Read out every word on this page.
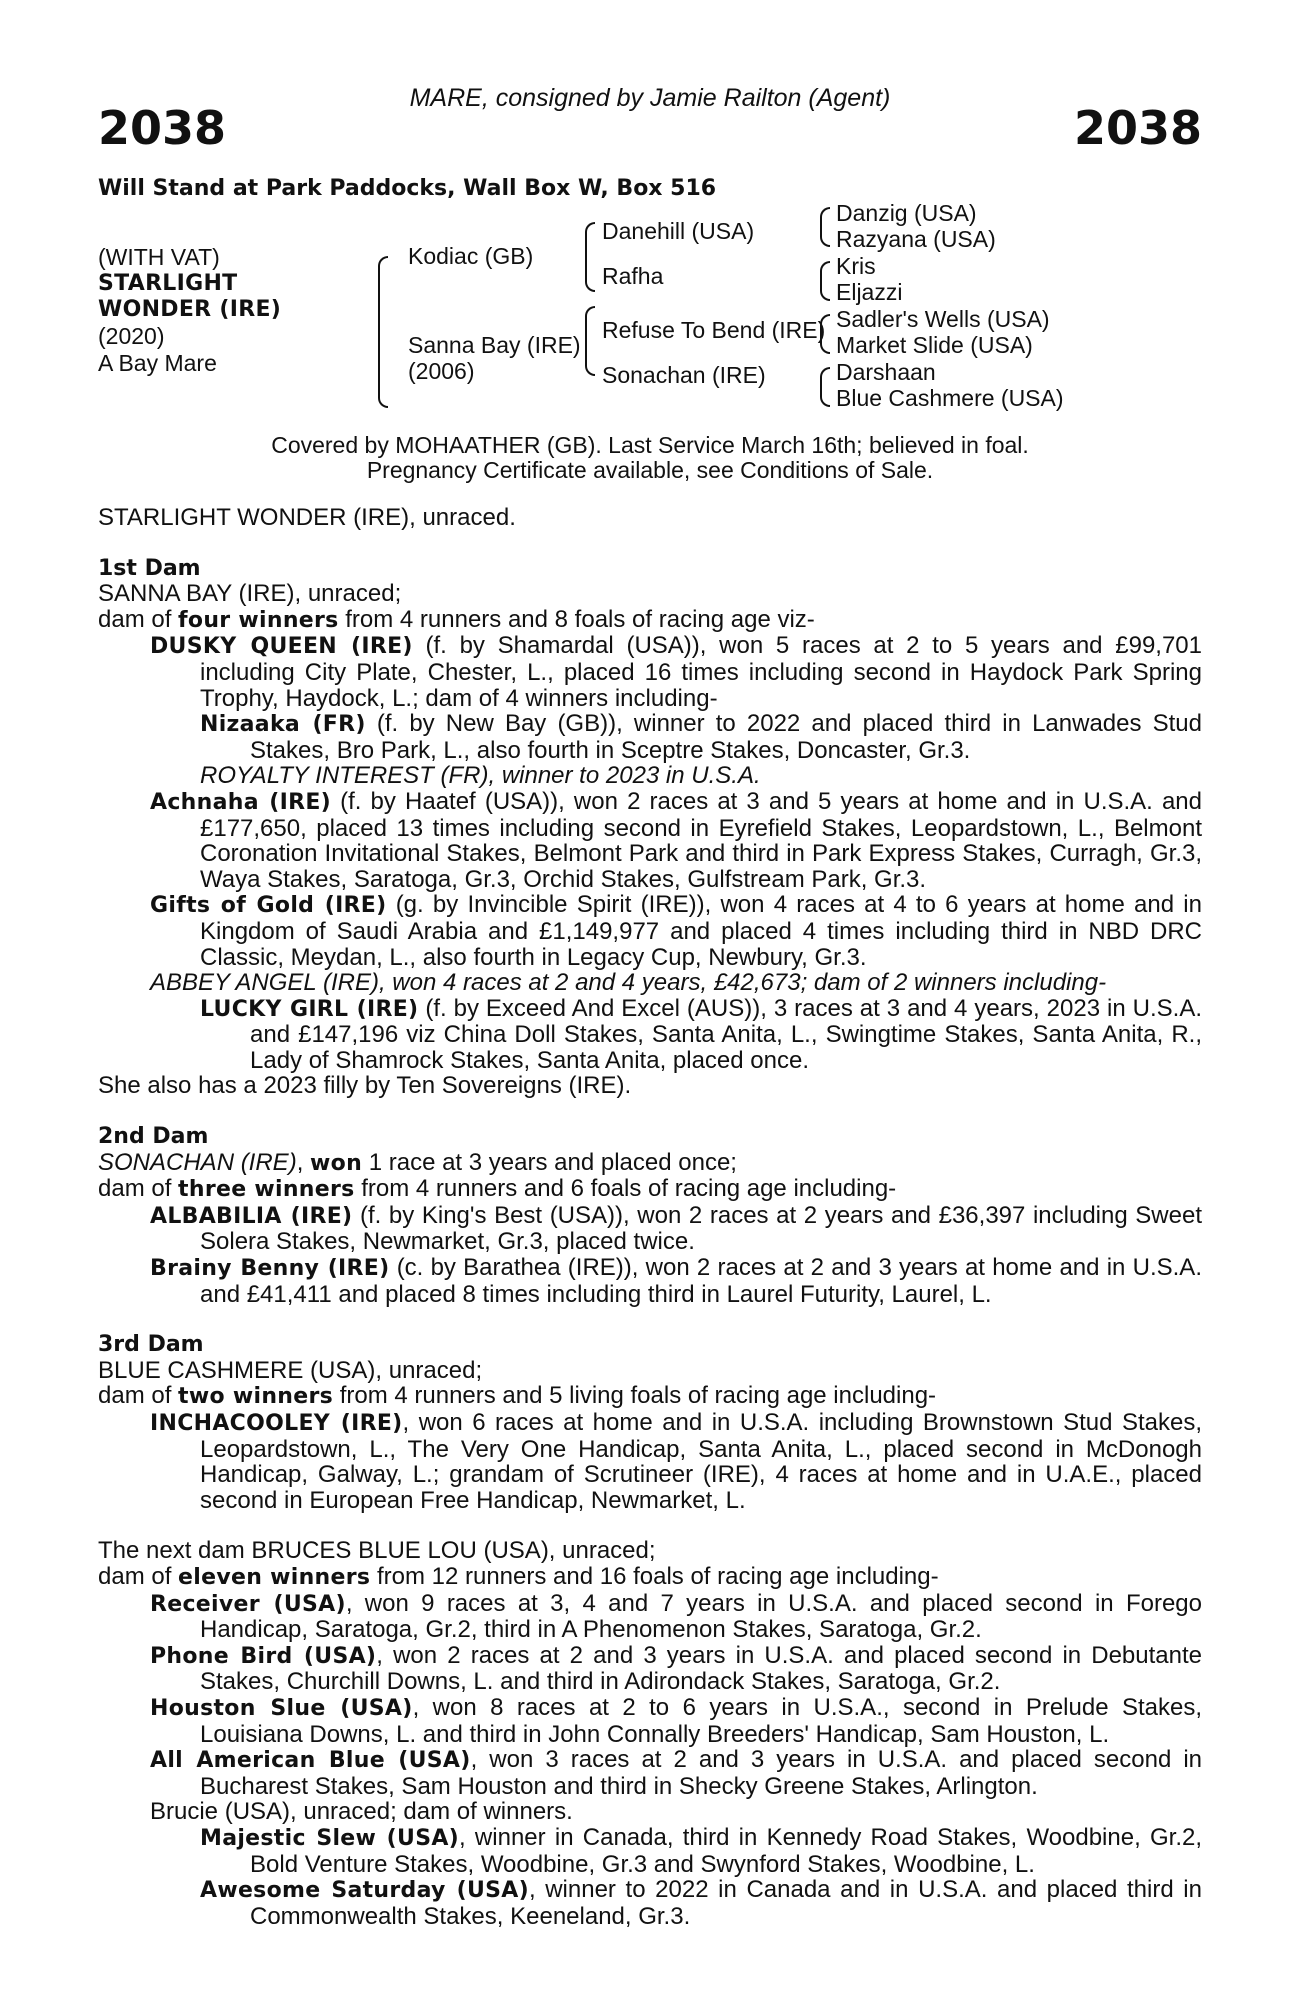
MARE, consigned by Jamie Railton (Agent)
2038	2038
Will Stand at Park Paddocks, Wall Box W, Box 516
(WITH VAT)
STARLIGHT
WONDER (IRE)
(2020)
A Bay Mare
Kodiac (GB)
Sanna Bay (IRE)
(2006)
Danehill (USA)
Rafha
Refuse To Bend (IRE)
Sonachan (IRE)
Danzig (USA)
Razyana (USA)
Kris
Eljazzi
Sadler's Wells (USA)
Market Slide (USA)
Darshaan
Blue Cashmere (USA)
Covered by MOHAATHER (GB). Last Service March 16th; believed in foal.
Pregnancy Certificate available, see Conditions of Sale.

STARLIGHT WONDER (IRE), unraced.

1st Dam

SANNA BAY (IRE), unraced;

dam of four winners from 4 runners and 8 foals of racing age viz-

DUSKY QUEEN (IRE) (f. by Shamardal (USA)), won 5 races at 2 to 5 years and £99,701 including City Plate, Chester, L., placed 16 times including second in Haydock Park Spring Trophy, Haydock, L.; dam of 4 winners including-

Nizaaka (FR) (f. by New Bay (GB)), winner to 2022 and placed third in Lanwades Stud Stakes, Bro Park, L., also fourth in Sceptre Stakes, Doncaster, Gr.3.

ROYALTY INTEREST (FR), winner to 2023 in U.S.A.

Achnaha (IRE) (f. by Haatef (USA)), won 2 races at 3 and 5 years at home and in U.S.A. and £177,650, placed 13 times including second in Eyrefield Stakes, Leopardstown, L., Belmont Coronation Invitational Stakes, Belmont Park and third in Park Express Stakes, Curragh, Gr.3, Waya Stakes, Saratoga, Gr.3, Orchid Stakes, Gulfstream Park, Gr.3.

Gifts of Gold (IRE) (g. by Invincible Spirit (IRE)), won 4 races at 4 to 6 years at home and in Kingdom of Saudi Arabia and £1,149,977 and placed 4 times including third in NBD DRC Classic, Meydan, L., also fourth in Legacy Cup, Newbury, Gr.3.

ABBEY ANGEL (IRE), won 4 races at 2 and 4 years, £42,673; dam of 2 winners including-

LUCKY GIRL (IRE) (f. by Exceed And Excel (AUS)), 3 races at 3 and 4 years, 2023 in U.S.A. and £147,196 viz China Doll Stakes, Santa Anita, L., Swingtime Stakes, Santa Anita, R., Lady of Shamrock Stakes, Santa Anita, placed once.

She also has a 2023 filly by Ten Sovereigns (IRE).

2nd Dam

SONACHAN (IRE), won 1 race at 3 years and placed once;

dam of three winners from 4 runners and 6 foals of racing age including-

ALBABILIA (IRE) (f. by King's Best (USA)), won 2 races at 2 years and £36,397 including Sweet Solera Stakes, Newmarket, Gr.3, placed twice.

Brainy Benny (IRE) (c. by Barathea (IRE)), won 2 races at 2 and 3 years at home and in U.S.A. and £41,411 and placed 8 times including third in Laurel Futurity, Laurel, L.

3rd Dam

BLUE CASHMERE (USA), unraced;

dam of two winners from 4 runners and 5 living foals of racing age including-

INCHACOOLEY (IRE), won 6 races at home and in U.S.A. including Brownstown Stud Stakes, Leopardstown, L., The Very One Handicap, Santa Anita, L., placed second in McDonogh Handicap, Galway, L.; grandam of Scrutineer (IRE), 4 races at home and in U.A.E., placed second in European Free Handicap, Newmarket, L.

The next dam BRUCES BLUE LOU (USA), unraced;

dam of eleven winners from 12 runners and 16 foals of racing age including-

Receiver (USA), won 9 races at 3, 4 and 7 years in U.S.A. and placed second in Forego Handicap, Saratoga, Gr.2, third in A Phenomenon Stakes, Saratoga, Gr.2.

Phone Bird (USA), won 2 races at 2 and 3 years in U.S.A. and placed second in Debutante Stakes, Churchill Downs, L. and third in Adirondack Stakes, Saratoga, Gr.2.

Houston Slue (USA), won 8 races at 2 to 6 years in U.S.A., second in Prelude Stakes, Louisiana Downs, L. and third in John Connally Breeders' Handicap, Sam Houston, L.

All American Blue (USA), won 3 races at 2 and 3 years in U.S.A. and placed second in Bucharest Stakes, Sam Houston and third in Shecky Greene Stakes, Arlington.

Brucie (USA), unraced; dam of winners.

Majestic Slew (USA), winner in Canada, third in Kennedy Road Stakes, Woodbine, Gr.2, Bold Venture Stakes, Woodbine, Gr.3 and Swynford Stakes, Woodbine, L.

Awesome Saturday (USA), winner to 2022 in Canada and in U.S.A. and placed third in Commonwealth Stakes, Keeneland, Gr.3.
